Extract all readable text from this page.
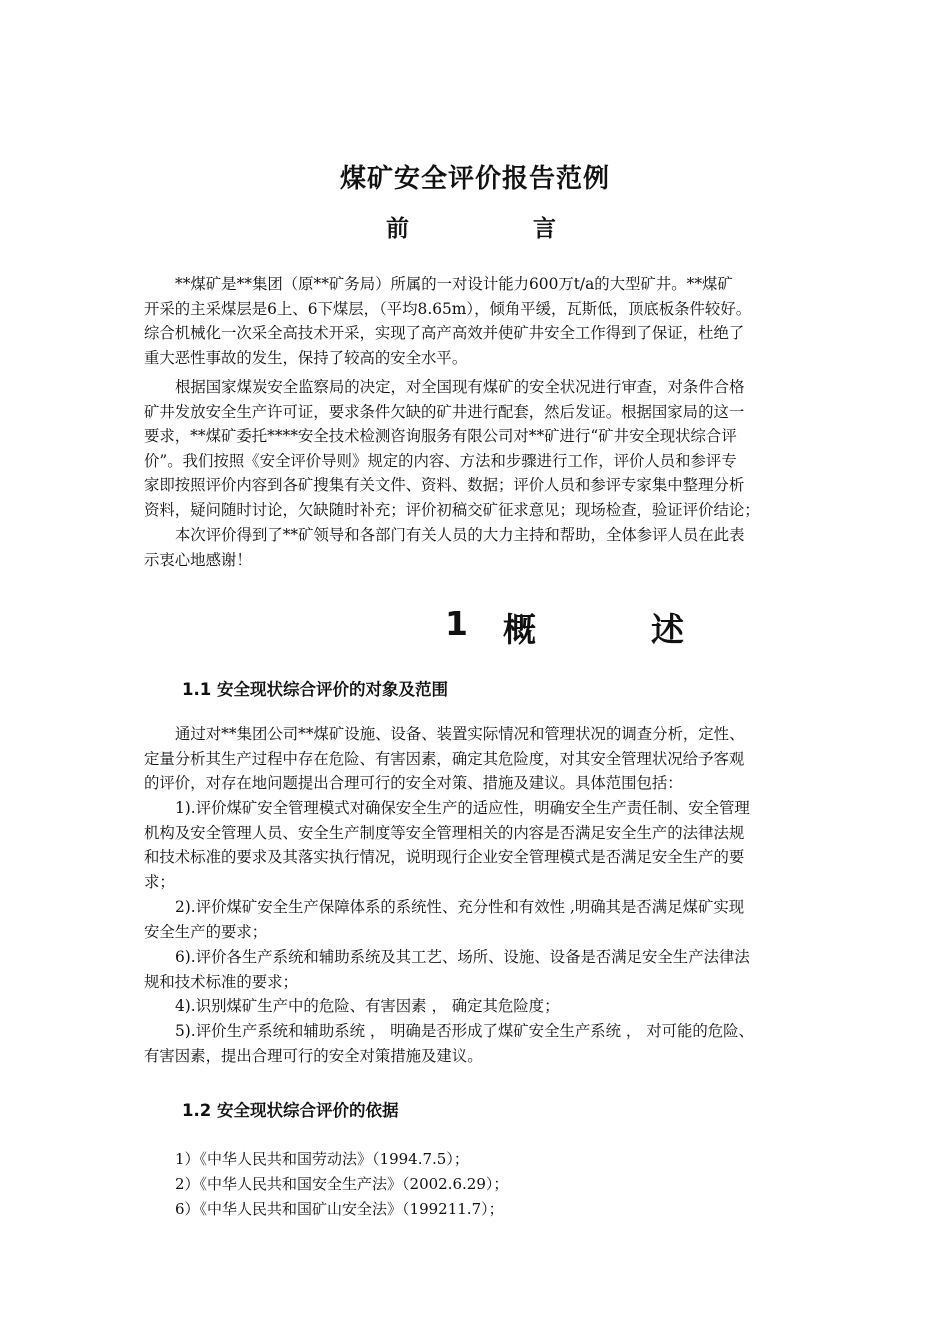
煤矿安全评价报告范例
前	言
**煤矿是**集团（原**矿务局）所属的一对设计能力600万t/a的大型矿井。**煤矿
开采的主采煤层是6上、6下煤层，（平均8.65m），倾角平缓，瓦斯低，顶底板条件较好。
综合机械化一次采全高技术开采，实现了高产高效并使矿井安全工作得到了保证，杜绝了
重大恶性事故的发生，保持了较高的安全水平。
根据国家煤炭安全监察局的决定，对全国现有煤矿的安全状况进行审查，对条件合格
矿井发放安全生产许可证，要求条件欠缺的矿井进行配套，然后发证。根据国家局的这一
要求，**煤矿委托****安全技术检测咨询服务有限公司对**矿进行“矿井安全现状综合评
价”。我们按照《安全评价导则》规定的内容、方法和步骤进行工作，评价人员和参评专
家即按照评价内容到各矿搜集有关文件、资料、数据；评价人员和参评专家集中整理分析
资料，疑问随时讨论，欠缺随时补充；评价初稿交矿征求意见；现场检查，验证评价结论；
本次评价得到了**矿领导和各部门有关人员的大力主持和帮助，全体参评人员在此表
示衷心地感谢！
1	概	述
1.1 安全现状综合评价的对象及范围
通过对**集团公司**煤矿设施、设备、装置实际情况和管理状况的调查分析，定性、
定量分析其生产过程中存在危险、有害因素，确定其危险度，对其安全管理状况给予客观
的评价，对存在地问题提出合理可行的安全对策、措施及建议。具体范围包括：
1).评价煤矿安全管理模式对确保安全生产的适应性，明确安全生产责任制、安全管理
机构及安全管理人员、安全生产制度等安全管理相关的内容是否满足安全生产的法律法规
和技术标准的要求及其落实执行情况，说明现行企业安全管理模式是否满足安全生产的要
求；
2).评价煤矿安全生产保障体系的系统性、充分性和有效性 ,明确其是否满足煤矿实现
安全生产的要求；
6).评价各生产系统和辅助系统及其工艺、场所、设施、设备是否满足安全生产法律法
规和技术标准的要求；
4).识别煤矿生产中的危险、有害因素 ， 确定其危险度；
5).评价生产系统和辅助系统 ， 明确是否形成了煤矿安全生产系统 ， 对可能的危险、
有害因素，提出合理可行的安全对策措施及建议。
1.2 安全现状综合评价的依据
1）《中华人民共和国劳动法》（1994.7.5）；
2）《中华人民共和国安全生产法》（2002.6.29）；
6）《中华人民共和国矿山安全法》（199211.7）；
